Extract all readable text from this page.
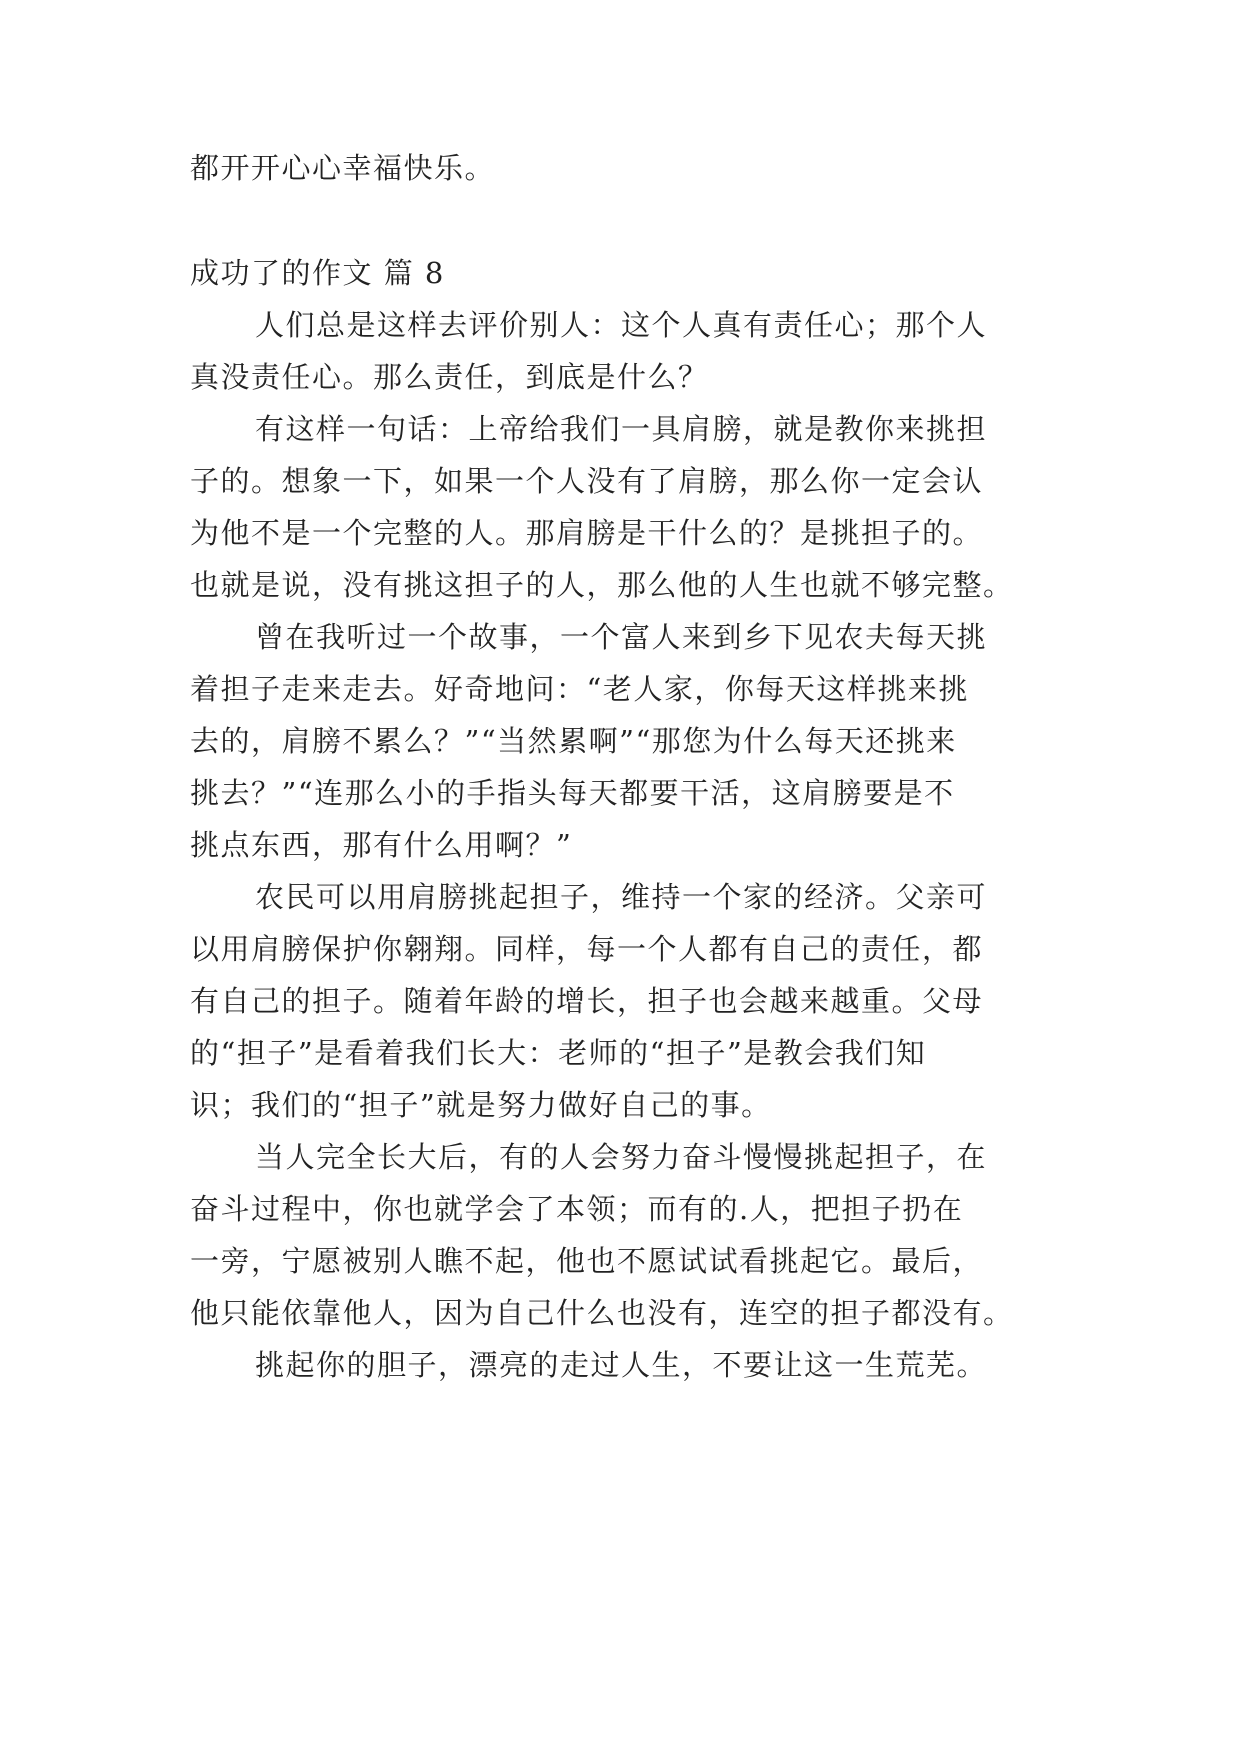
都开开心心幸福快乐。
成功了的作文 篇 8
人们总是这样去评价别人：这个人真有责任心；那个人
真没责任心。那么责任，到底是什么？
有这样一句话：上帝给我们一具肩膀，就是教你来挑担
子的。想象一下，如果一个人没有了肩膀，那么你一定会认
为他不是一个完整的人。那肩膀是干什么的？是挑担子的。
也就是说，没有挑这担子的人，那么他的人生也就不够完整。
曾在我听过一个故事，一个富人来到乡下见农夫每天挑
着担子走来走去。好奇地问：“老人家，你每天这样挑来挑
去的，肩膀不累么？”“当然累啊”“那您为什么每天还挑来
挑去？”“连那么小的手指头每天都要干活，这肩膀要是不
挑点东西，那有什么用啊？”
农民可以用肩膀挑起担子，维持一个家的经济。父亲可
以用肩膀保护你翱翔。同样，每一个人都有自己的责任，都
有自己的担子。随着年龄的增长，担子也会越来越重。父母
的“担子”是看着我们长大：老师的“担子”是教会我们知
识；我们的“担子”就是努力做好自己的事。
当人完全长大后，有的人会努力奋斗慢慢挑起担子，在
奋斗过程中，你也就学会了本领；而有的.人，把担子扔在
一旁，宁愿被别人瞧不起，他也不愿试试看挑起它。最后，
他只能依靠他人，因为自己什么也没有，连空的担子都没有。
挑起你的胆子，漂亮的走过人生，不要让这一生荒芜。
